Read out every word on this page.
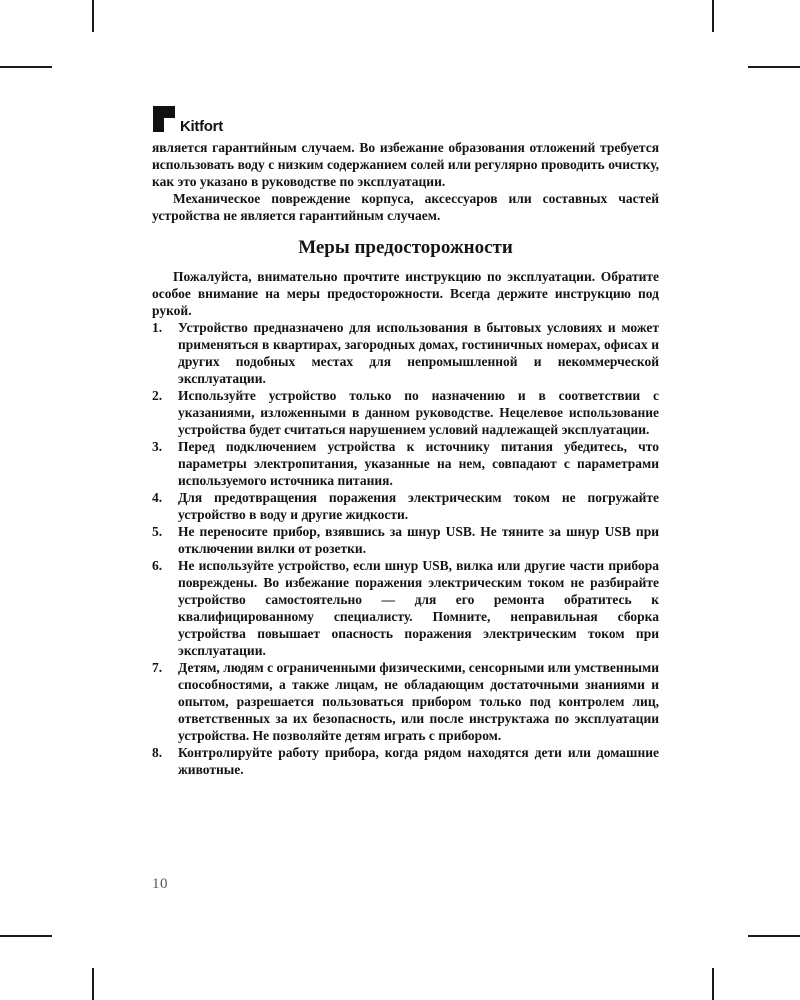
Kitfort

является гарантийным случаем. Во избежание образования отложений требуется использовать воду с низким содержанием солей или регулярно проводить очистку, как это указано в руководстве по эксплуатации.

Механическое повреждение корпуса, аксессуаров или составных частей устройства не является гарантийным случаем.

Меры предосторожности

Пожалуйста, внимательно прочтите инструкцию по эксплуатации. Обратите особое внимание на меры предосторожности. Всегда держите инструкцию под рукой.

1. Устройство предназначено для использования в бытовых условиях и может применяться в квартирах, загородных домах, гостиничных номерах, офисах и других подобных местах для непромышленной и некоммерческой эксплуатации.
2. Используйте устройство только по назначению и в соответствии с указаниями, изложенными в данном руководстве. Нецелевое использование устройства будет считаться нарушением условий надлежащей эксплуатации.
3. Перед подключением устройства к источнику питания убедитесь, что параметры электропитания, указанные на нем, совпадают с параметрами используемого источника питания.
4. Для предотвращения поражения электрическим током не погружайте устройство в воду и другие жидкости.
5. Не переносите прибор, взявшись за шнур USB. Не тяните за шнур USB при отключении вилки от розетки.
6. Не используйте устройство, если шнур USB, вилка или другие части прибора повреждены. Во избежание поражения электрическим током не разбирайте устройство самостоятельно — для его ремонта обратитесь к квалифицированному специалисту. Помните, неправильная сборка устройства повышает опасность поражения электрическим током при эксплуатации.
7. Детям, людям с ограниченными физическими, сенсорными или умственными способностями, а также лицам, не обладающим достаточными знаниями и опытом, разрешается пользоваться прибором только под контролем лиц, ответственных за их безопасность, или после инструктажа по эксплуатации устройства. Не позволяйте детям играть с прибором.
8. Контролируйте работу прибора, когда рядом находятся дети или домашние животные.
10
